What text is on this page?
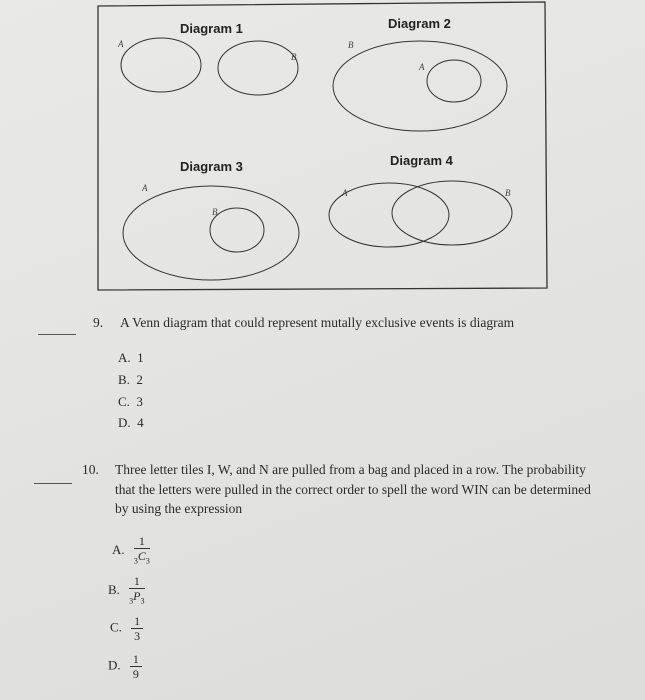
Diagram 1
A
B
Diagram 2
B
A
Diagram 3
A
B
Diagram 4
A	B
9. A Venn diagram that could represent mutally exclusive events is diagram
A. 1
B. 2
C. 3
D. 4
10. Three letter tiles I, W, and N are pulled from a bag and placed in a row. The probability
that the letters were pulled in the correct order to spell the word WIN can be determined
by using the expression
A. $\frac{1}{_3C_3}$
B. $\frac{1}{_3P_3}$
C. $\frac{1}{3}$
D. $\frac{1}{9}$
